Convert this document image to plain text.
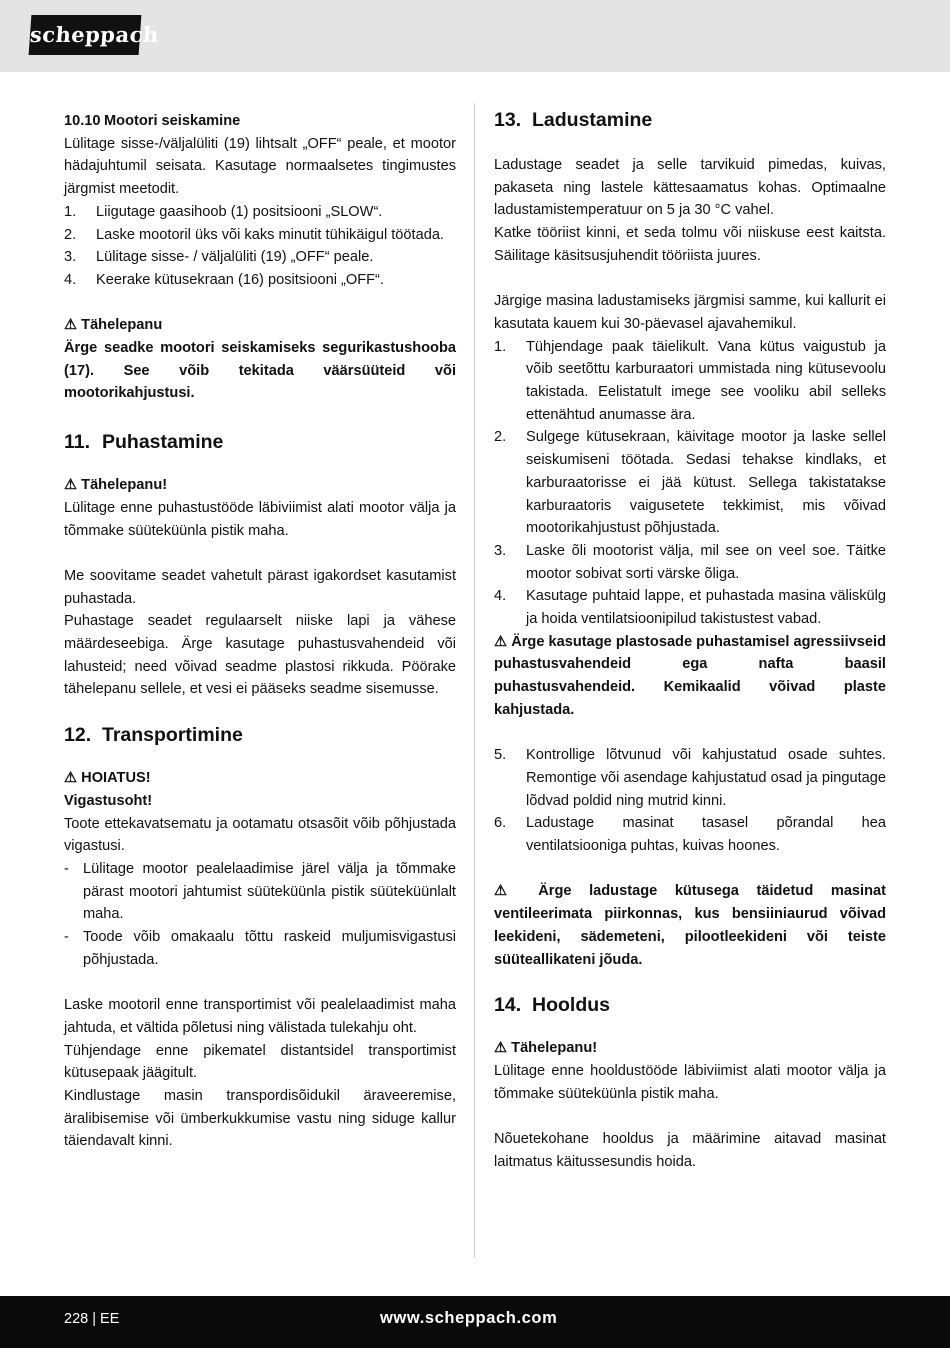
scheppach
10.10 Mootori seiskamine

Lülitage sisse-/väljalüliti (19) lihtsalt „OFF“ peale, et mootor hädajuhtumil seisata. Kasutage normaalsetes tingimustes järgmist meetodit.

1. Liigutage gaasihoob (1) positsiooni „SLOW“.
2. Laske mootoril üks või kaks minutit tühikäigul töötada.
3. Lülitage sisse- / väljalüliti (19) „OFF“ peale.
4. Keerake kütusekraan (16) positsiooni „OFF“.
⚠ Tähelepanu

Ärge seadke mootori seiskamiseks segurikastushooba (17). See võib tekitada väärsüüteid või mootorikahjustusi.

11. Puhastamine
⚠ Tähelepanu!

Lülitage enne puhastustööde läbiviimist alati mootor välja ja tõmmake süüteküünla pistik maha.

Me soovitame seadet vahetult pärast igakordset kasutamist puhastada.

Puhastage seadet regulaarselt niiske lapi ja vähese määrdeseebiga. Ärge kasutage puhastusvahendeid või lahusteid; need võivad seadme plastosi rikkuda. Pöörake tähelepanu sellele, et vesi ei pääseks seadme sisemusse.

12. Transportimine
⚠ HOIATUS!
Vigastusoht!

Toote ettekavatsematu ja ootamatu otsasõit võib põhjustada vigastusi.

- Lülitage mootor pealelaadimise järel välja ja tõmmake pärast mootori jahtumist süüteküünla pistik süüteküünlalt maha.
- Toode võib omakaalu tõttu raskeid muljumisvigastusi põhjustada.

Laske mootoril enne transportimist või pealelaadimist maha jahtuda, et vältida põletusi ning välistada tulekahju oht.

Tühjendage enne pikematel distantsidel transportimist kütusepaak jäägitult.

Kindlustage masin transpordisõidukil äraveeremise, äralibisemise või ümberkukkumise vastu ning siduge kallur täiendavalt kinni.

13. Ladustamine

Ladustage seadet ja selle tarvikuid pimedas, kuivas, pakaseta ning lastele kättesaamatus kohas. Optimaalne ladustamistemperatuur on 5 ja 30 °C vahel.

Katke tööriist kinni, et seda tolmu või niiskuse eest kaitsta. Säilitage käsitsusjuhendit tööriista juures.

Järgige masina ladustamiseks järgmisi samme, kui kallurit ei kasutata kauem kui 30-päevasel ajavahemikul.

1. Tühjendage paak täielikult. Vana kütus vaigustub ja võib seetõttu karburaatori ummistada ning kütusevoolu takistada. Eelistatult imege see vooliku abil selleks ettenähtud anumasse ära.
2. Sulgege kütusekraan, käivitage mootor ja laske sellel seiskumiseni töötada. Sedasi tehakse kindlaks, et karburaatorisse ei jää kütust. Sellega takistatakse karburaatoris vaigusetete tekkimist, mis võivad mootorikahjustust põhjustada.
3. Laske õli mootorist välja, mil see on veel soe. Täitke mootor sobivat sorti värske õliga.
4. Kasutage puhtaid lappe, et puhastada masina väliskülg ja hoida ventilatsioonipilud takistustest vabad.

⚠ Ärge kasutage plastosade puhastamisel agressiivseid puhastusvahendeid ega nafta baasil puhastusvahendeid. Kemikaalid võivad plaste kahjustada.

5. Kontrollige lõtvunud või kahjustatud osade suhtes. Remontige või asendage kahjustatud osad ja pingutage lõdvad poldid ning mutrid kinni.
6. Ladustage masinat tasasel põrandal hea ventilatsiooniga puhtas, kuivas hoones.

⚠ Ärge ladustage kütusega täidetud masinat ventileerimata piirkonnas, kus bensiiniaurud võivad leekideni, sädemeteni, pilootleekideni või teiste süüteallikateni jõuda.

14. Hooldus
⚠ Tähelepanu!

Lülitage enne hooldustööde läbiviimist alati mootor välja ja tõmmake süüteküünla pistik maha.

Nõuetekohane hooldus ja määrimine aitavad masinat laitmatus käitussesundis hoida.

228 | EE	www.scheppach.com
